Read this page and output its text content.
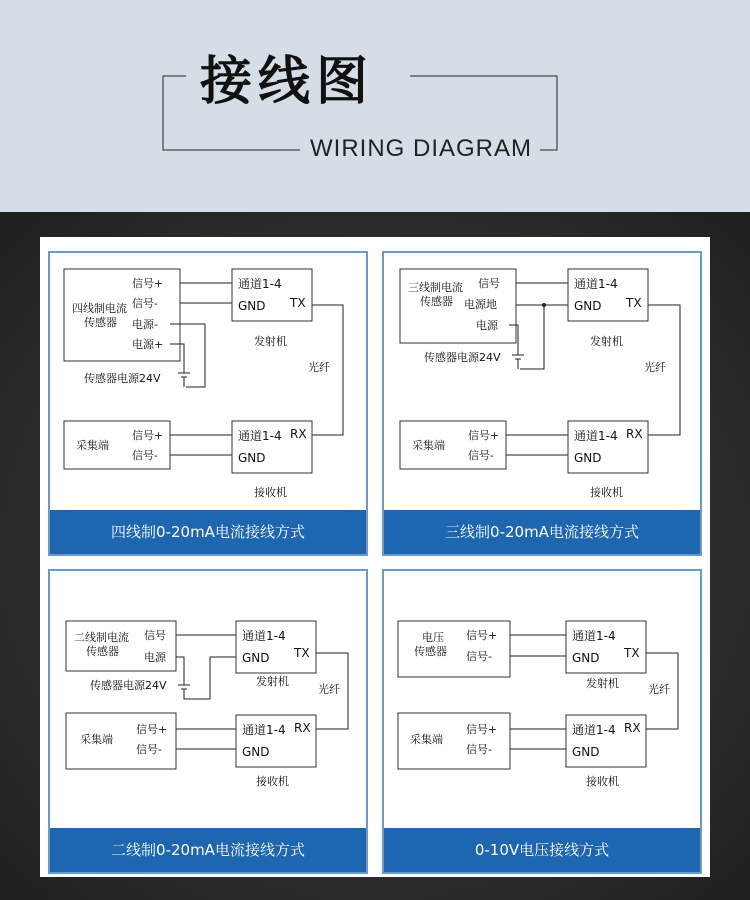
接线图
WIRING DIAGRAM
四线制电流
传感器
信号+
信号-
电源-
电源+
传感器电源24V
通道1-4
GND TX
发射机
光纤
采集端
信号+
信号-
通道1-4
GND
RX
接收机
四线制0-20mA电流接线方式
三线制电流
传感器
信号
电源地
电源
传感器电源24V
通道1-4
GND TX
发射机
光纤
采集端
信号+
信号-
通道1-4
GND
RX
接收机
三线制0-20mA电流接线方式
二线制电流
传感器
信号
电源
传感器电源24V
通道1-4
GND TX
发射机
光纤
采集端
信号+
信号-
通道1-4
GND
RX
接收机
二线制0-20mA电流接线方式
电压
传感器
信号+
信号-
通道1-4
GND TX
发射机	光纤
采集端
信号+
信号-
通道1-4
GND
RX
接收机
0-10V电压接线方式
